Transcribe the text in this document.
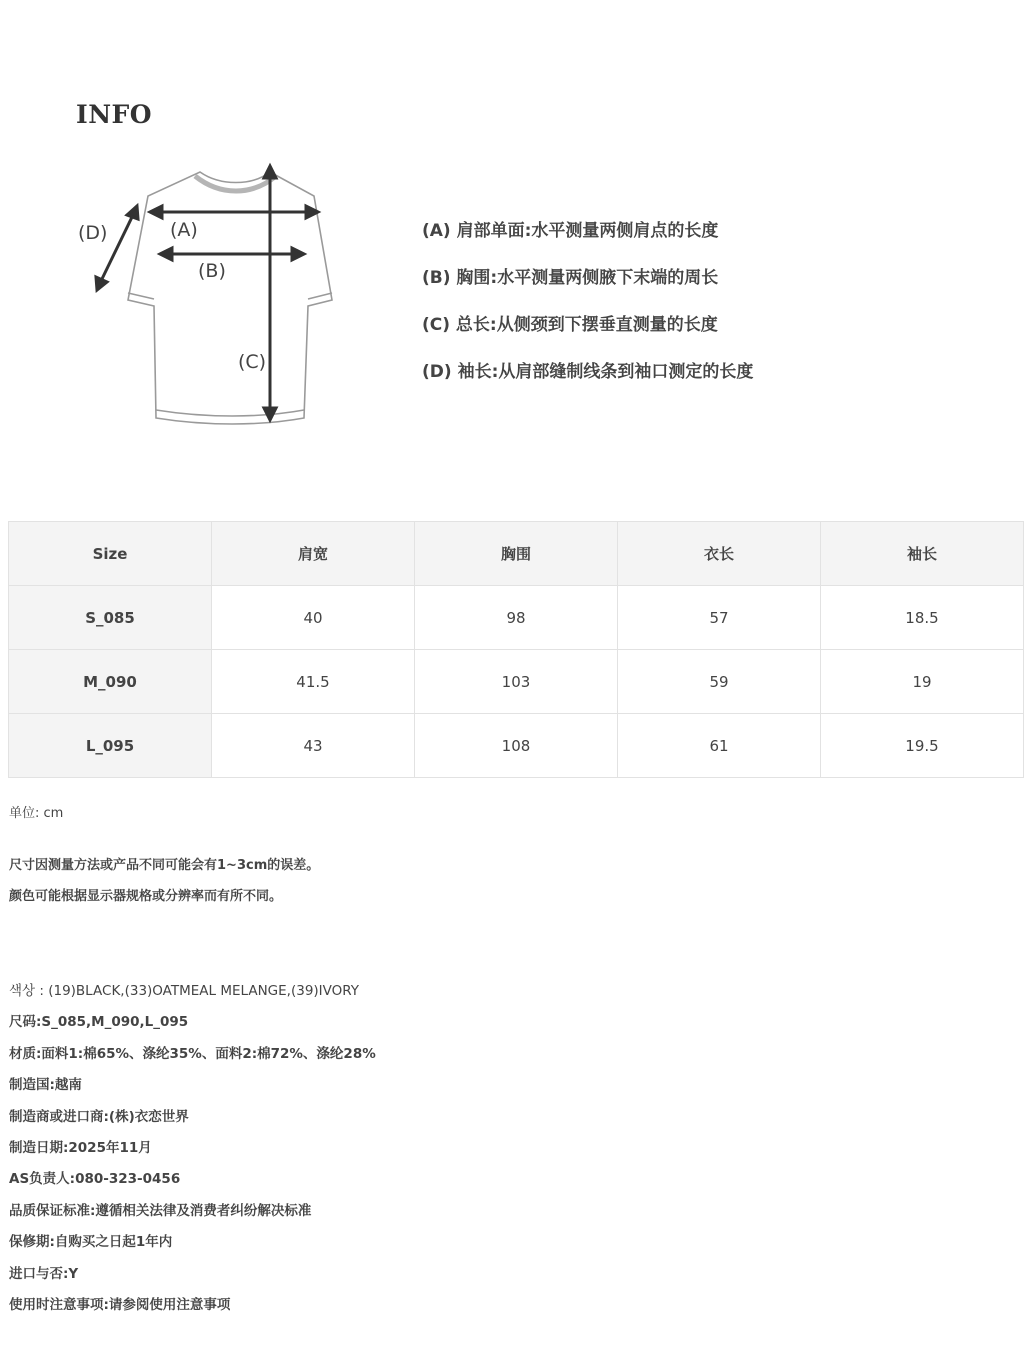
INFO
(A)
(B)
(C)
(D)	(A) 肩部单面:水平测量两侧肩点的长度
(B) 胸围:水平测量两侧腋下末端的周长
(C) 总长:从侧颈到下摆垂直测量的长度
(D) 袖长:从肩部缝制线条到袖口测定的长度
Size	肩宽	胸围	衣长	袖长
S_085	40	98	57	18.5
M_090	41.5	103	59	19
L_095	43	108	61	19.5
单位: cm
尺寸因测量方法或产品不同可能会有1~3cm的误差。
颜色可能根据显示器规格或分辨率而有所不同。
색상 : (19)BLACK,(33)OATMEAL MELANGE,(39)IVORY
尺码:S_085,M_090,L_095
材质:面料1:棉65%、涤纶35%、面料2:棉72%、涤纶28%
制造国:越南
制造商或进口商:(株)衣恋世界
制造日期:2025年11月
AS负责人:080-323-0456
品质保证标准:遵循相关法律及消费者纠纷解决标准
保修期:自购买之日起1年内
进口与否:Y
使用时注意事项:请参阅使用注意事项
